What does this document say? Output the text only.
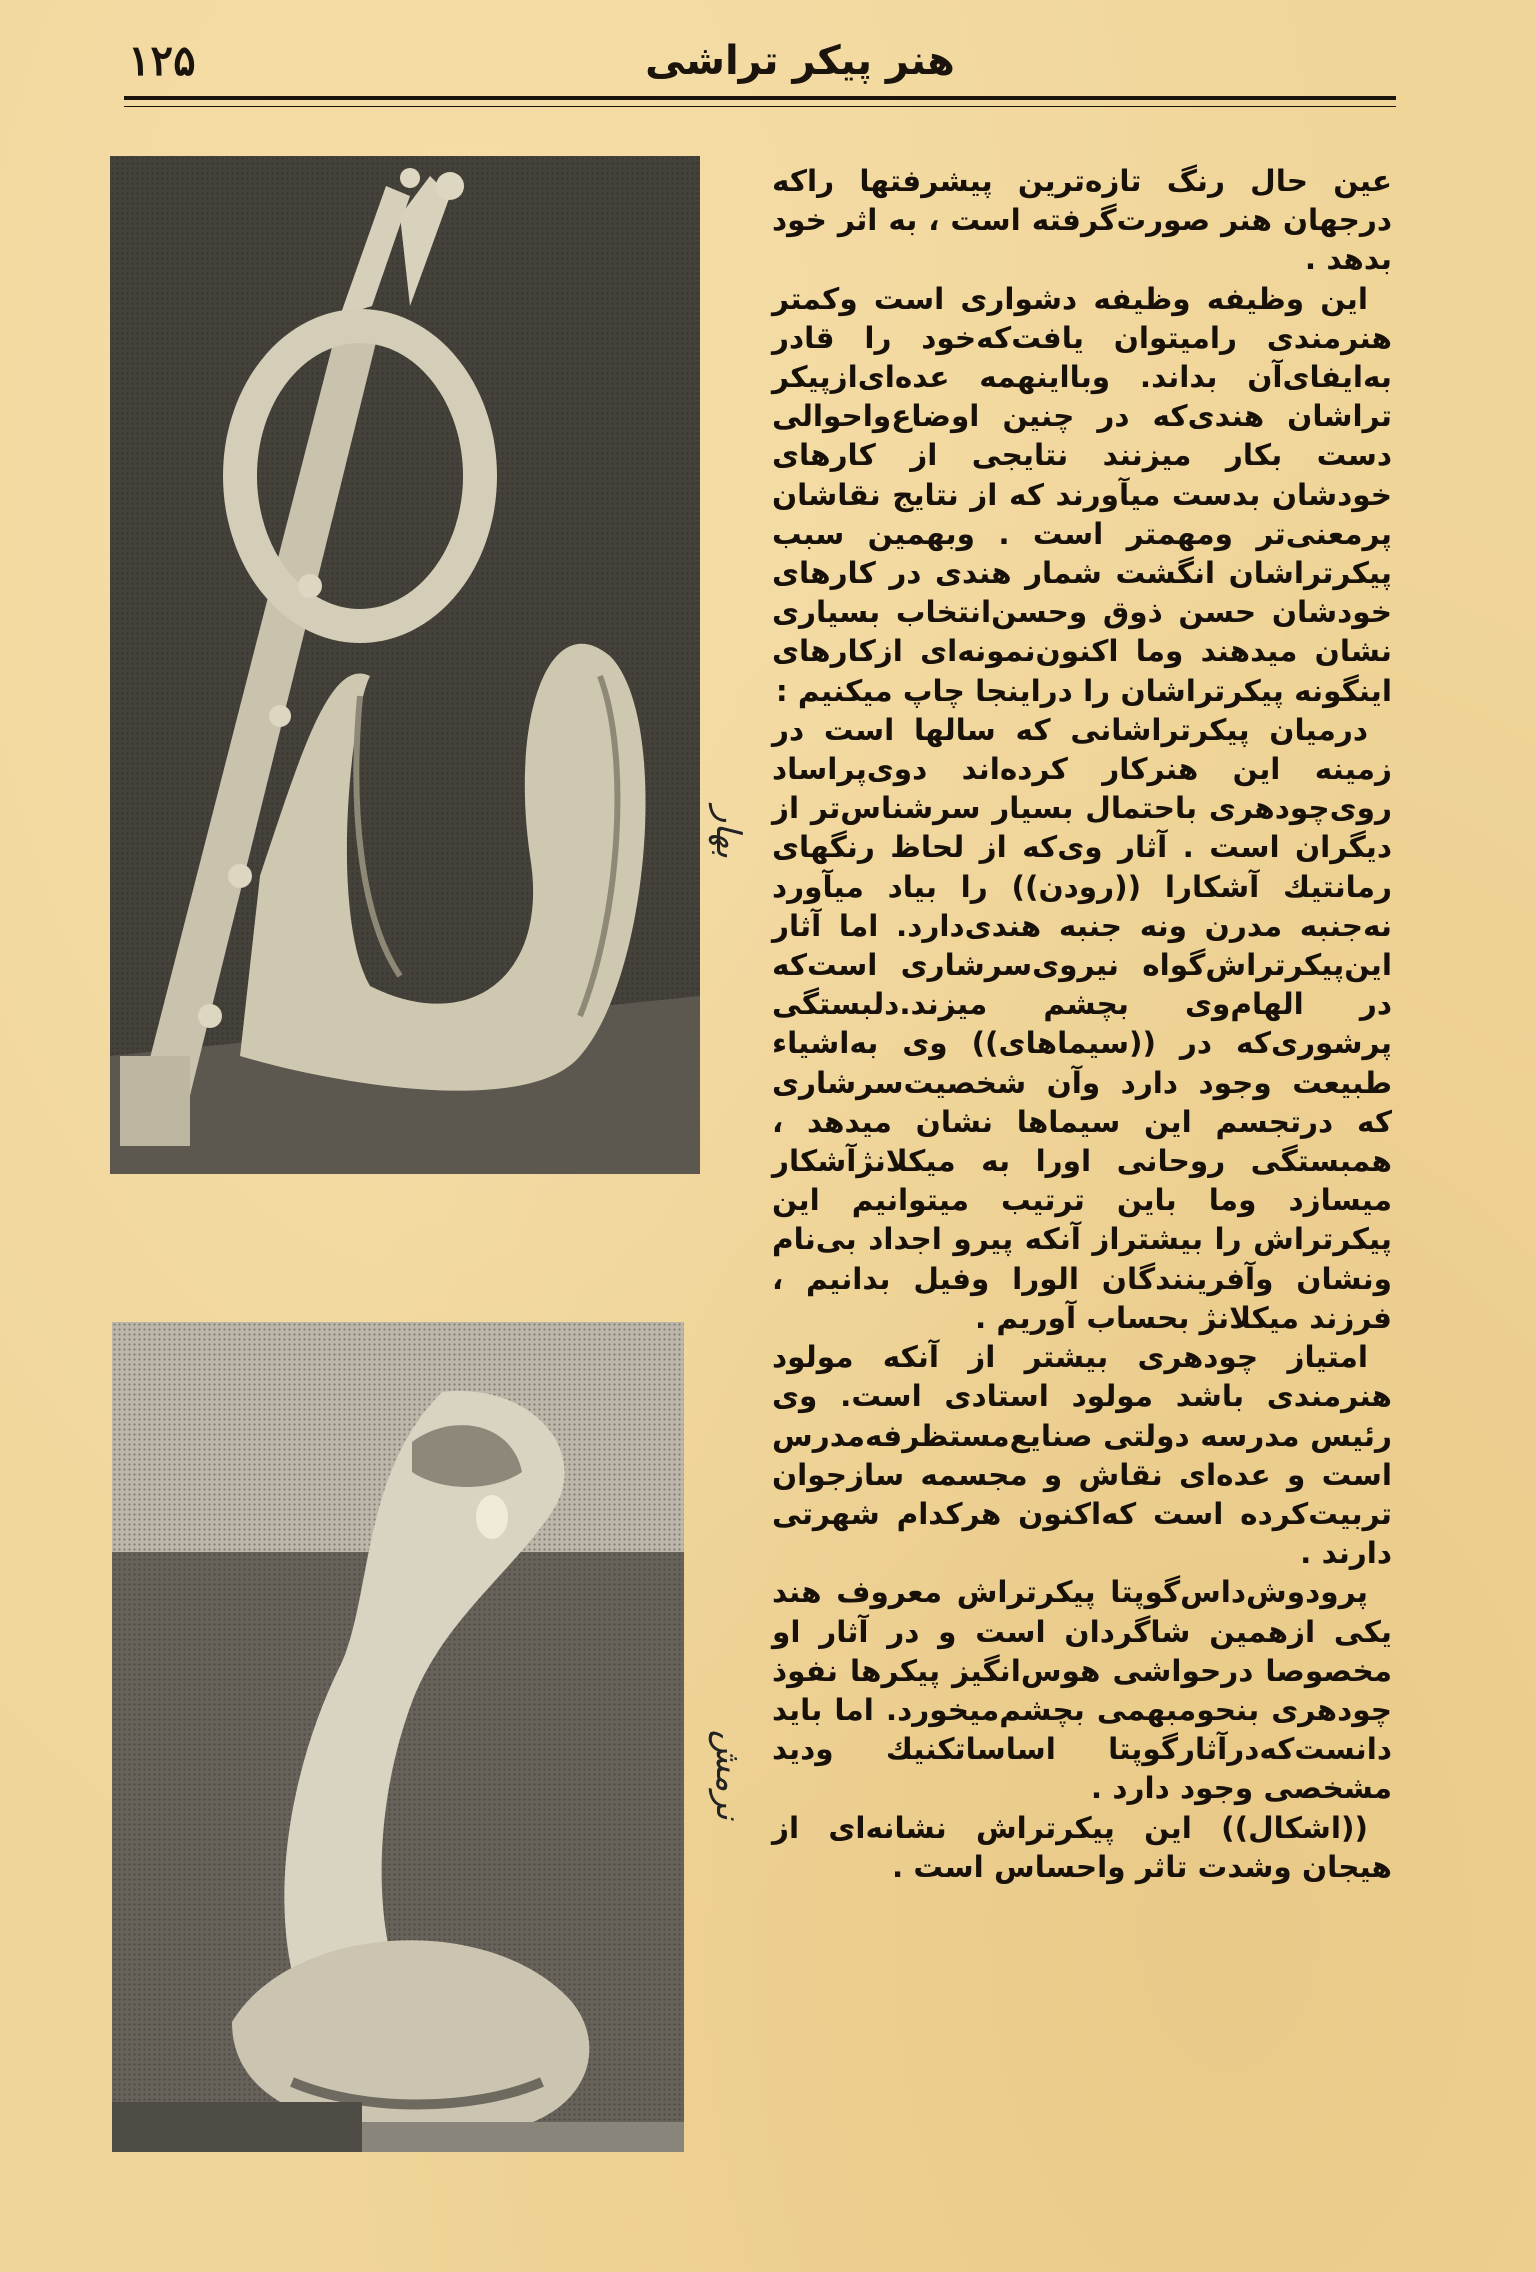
۱۲۵	هنر پیکر تراشی
بهار
نرمش

عین حال رنگ تازه‌ترین پیشرفتها راکه درجهان هنر صورت‌گرفته است ، به اثر خود بدهد .

این وظیفه وظیفه دشواری است وکمتر هنرمندی رامیتوان یافت‌که‌خود را قادر به‌ایفای‌آن بداند. وبااینهمه عده‌ای‌ازپیکر تراشان هندی‌که در چنین اوضاع‌واحوالی دست بکار میزنند نتایجی از کارهای خودشان بدست میآورند که از نتایج نقاشان پرمعنی‌تر ومهمتر است . وبهمین سبب پیکرتراشان انگشت شمار هندی در کارهای خودشان حسن ذوق وحسن‌انتخاب بسیاری نشان میدهند وما اکنون‌نمونه‌ای ازکارهای اینگونه پیکرتراشان را دراینجا چاپ میکنیم :

درمیان پیکرتراشانی که سالها است در زمینه این هنرکار کرده‌اند دوی‌پراساد روی‌چودهری باحتمال بسیار سرشناس‌تر از دیگران است . آثار وی‌که از لحاظ رنگهای رمانتیك آشکارا ((رودن)) را بیاد میآورد نه‌جنبه مدرن ونه جنبه هندی‌دارد. اما آثار این‌پیکرتراش‌گواه نیروی‌سرشاری است‌که در الهام‌وی بچشم میزند.دلبستگی پرشوری‌که در ((سیماهای)) وی به‌اشیاء طبیعت وجود دارد وآن شخصیت‌سرشاری که درتجسم این سیماها نشان میدهد ، همبستگی روحانی اورا به میکلانژآشکار میسازد وما باین ترتیب میتوانیم این پیکرتراش را بیشتراز آنکه پیرو اجداد بی‌نام ونشان وآفرینندگان الورا وفیل بدانیم ، فرزند میکلانژ بحساب آوریم .

امتیاز چودهری بیشتر از آنکه مولود هنرمندی باشد مولود استادی است. وی رئیس مدرسه دولتی صنایع‌مستظرفه‌مدرس است و عده‌ای نقاش و مجسمه سازجوان تربیت‌کرده است که‌اکنون هرکدام شهرتی دارند .

پرودوش‌داس‌گوپتا پیکرتراش معروف هند یکی ازهمین شاگردان است و در آثار او مخصوصا درحواشی هوس‌انگیز پیکرها نفوذ چودهری بنحومبهمی بچشم‌میخورد. اما باید دانست‌که‌درآثارگوپتا اساساتکنیك ودید مشخصی وجود دارد .

((اشکال)) این پیکرتراش نشانه‌ای از هیجان وشدت تاثر واحساس است .
